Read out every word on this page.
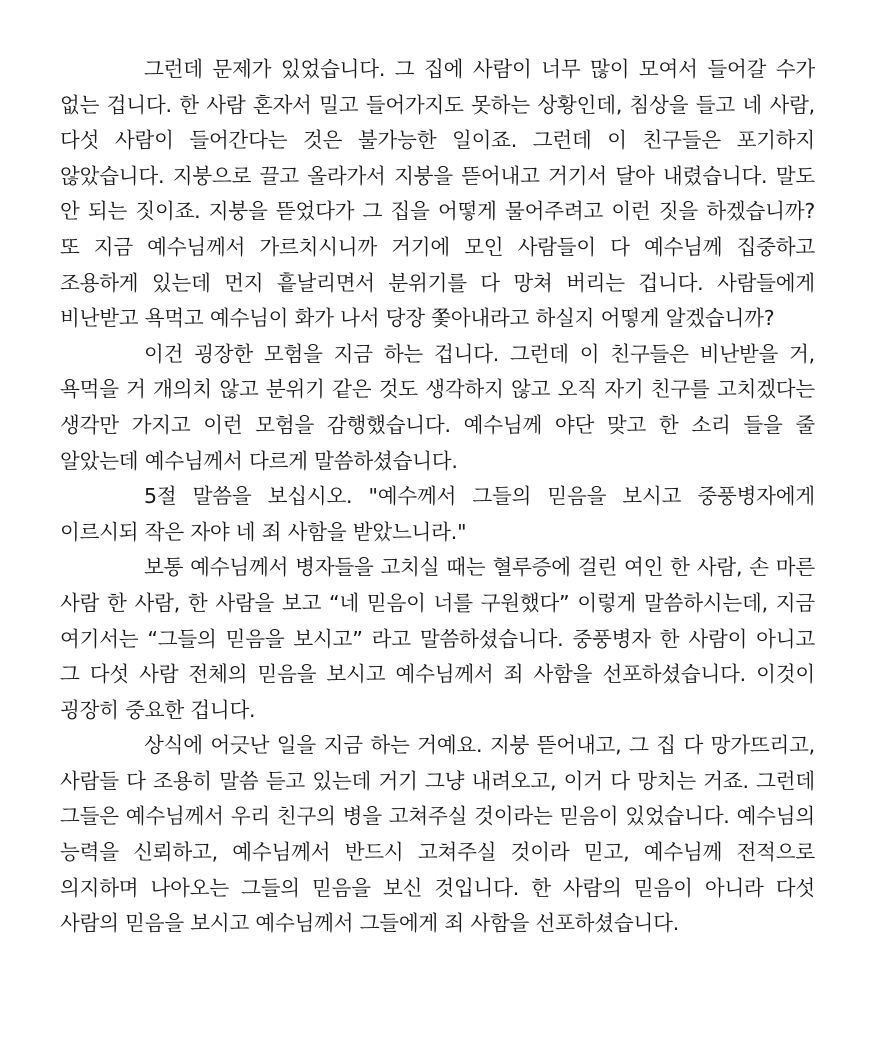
그런데 문제가 있었습니다. 그 집에 사람이 너무 많이 모여서 들어갈 수가 없는 겁니다. 한 사람 혼자서 밀고 들어가지도 못하는 상황인데, 침상을 들고 네 사람, 다섯 사람이 들어간다는 것은 불가능한 일이죠. 그런데 이 친구들은 포기하지 않았습니다. 지붕으로 끌고 올라가서 지붕을 뜯어내고 거기서 달아 내렸습니다. 말도 안 되는 짓이죠. 지붕을 뜯었다가 그 집을 어떻게 물어주려고 이런 짓을 하겠습니까? 또 지금 예수님께서 가르치시니까 거기에 모인 사람들이 다 예수님께 집중하고 조용하게 있는데 먼지 흩날리면서 분위기를 다 망쳐 버리는 겁니다. 사람들에게 비난받고 욕먹고 예수님이 화가 나서 당장 쫓아내라고 하실지 어떻게 알겠습니까?

이건 굉장한 모험을 지금 하는 겁니다. 그런데 이 친구들은 비난받을 거, 욕먹을 거 개의치 않고 분위기 같은 것도 생각하지 않고 오직 자기 친구를 고치겠다는 생각만 가지고 이런 모험을 감행했습니다. 예수님께 야단 맞고 한 소리 들을 줄 알았는데 예수님께서 다르게 말씀하셨습니다.

5절 말씀을 보십시오. "예수께서 그들의 믿음을 보시고 중풍병자에게 이르시되 작은 자야 네 죄 사함을 받았느니라."

보통 예수님께서 병자들을 고치실 때는 혈루증에 걸린 여인 한 사람, 손 마른 사람 한 사람, 한 사람을 보고 “네 믿음이 너를 구원했다” 이렇게 말씀하시는데, 지금 여기서는 “그들의 믿음을 보시고” 라고 말씀하셨습니다. 중풍병자 한 사람이 아니고 그 다섯 사람 전체의 믿음을 보시고 예수님께서 죄 사함을 선포하셨습니다. 이것이 굉장히 중요한 겁니다.

상식에 어긋난 일을 지금 하는 거예요. 지붕 뜯어내고, 그 집 다 망가뜨리고, 사람들 다 조용히 말씀 듣고 있는데 거기 그냥 내려오고, 이거 다 망치는 거죠. 그런데 그들은 예수님께서 우리 친구의 병을 고쳐주실 것이라는 믿음이 있었습니다. 예수님의 능력을 신뢰하고, 예수님께서 반드시 고쳐주실 것이라 믿고, 예수님께 전적으로 의지하며 나아오는 그들의 믿음을 보신 것입니다. 한 사람의 믿음이 아니라 다섯 사람의 믿음을 보시고 예수님께서 그들에게 죄 사함을 선포하셨습니다.
